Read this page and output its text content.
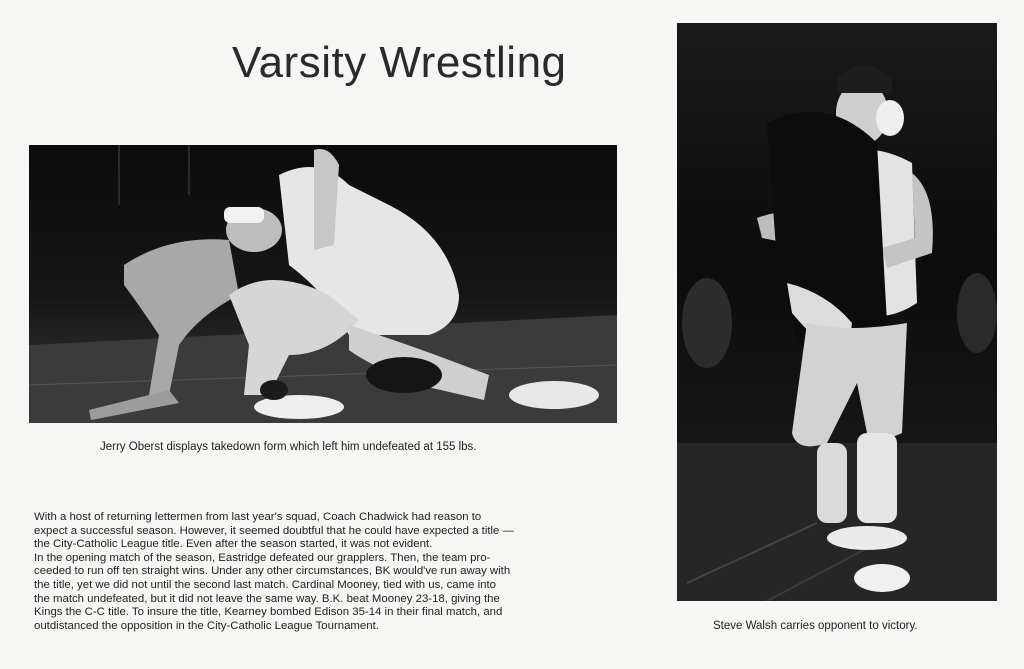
Varsity Wrestling
Jerry Oberst displays takedown form which left him undefeated at 155 lbs.
Steve Walsh carries opponent to victory.

With a host of returning lettermen from last year's squad, Coach Chadwick had reason to

expect a successful season. However, it seemed doubtful that he could have expected a title —

the City-Catholic League title. Even after the season started, it was not evident.

In the opening match of the season, Eastridge defeated our grapplers. Then, the team pro-

ceeded to run off ten straight wins. Under any other circumstances, BK would've run away with

the title, yet we did not until the second last match. Cardinal Mooney, tied with us, came into

the match undefeated, but it did not leave the same way. B.K. beat Mooney 23-18, giving the

Kings the C-C title. To insure the title, Kearney bombed Edison 35-14 in their final match, and

outdistanced the opposition in the City-Catholic League Tournament.
